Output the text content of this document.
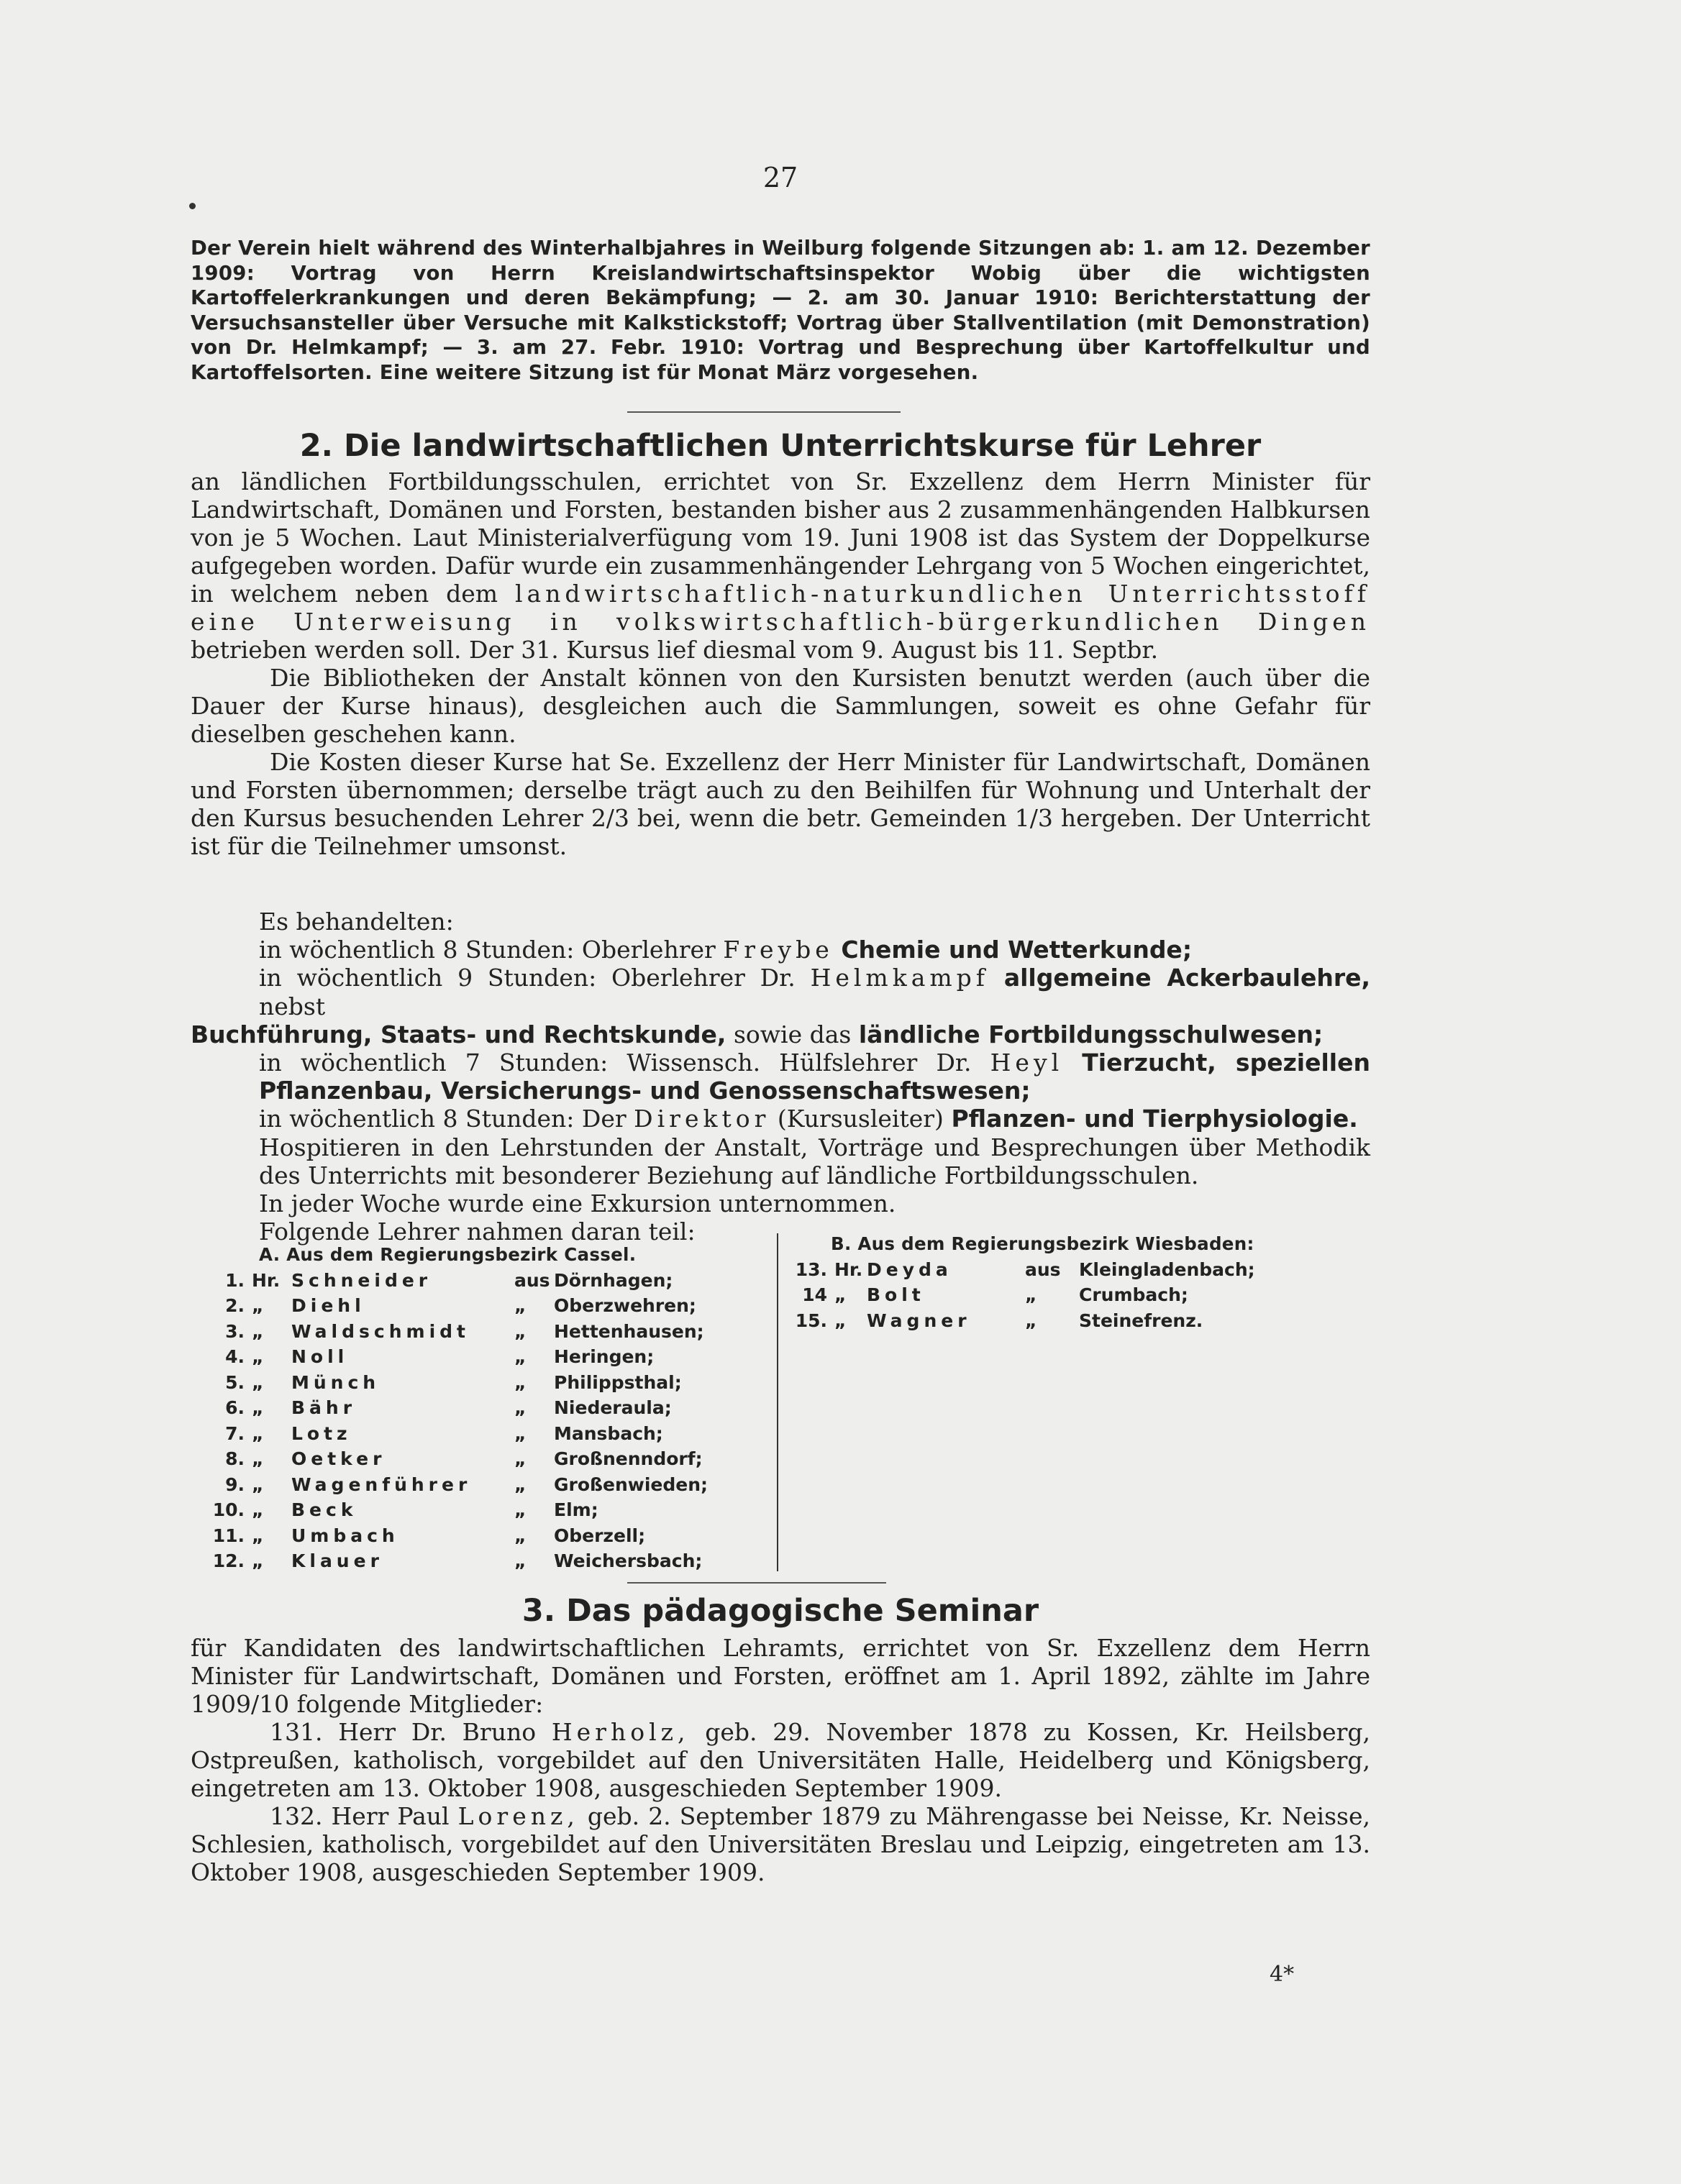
27
Der Verein hielt während des Winterhalbjahres in Weilburg folgende Sitzungen ab: 1. am 12. Dezember 1909: Vortrag von Herrn Kreislandwirtschaftsinspektor Wobig über die wichtigsten Kartoffelerkrankungen und deren Bekämpfung; — 2. am 30. Januar 1910: Berichterstattung der Versuchsansteller über Versuche mit Kalkstickstoff; Vortrag über Stallventilation (mit Demonstration) von Dr. Helmkampf; — 3. am 27. Febr. 1910: Vortrag und Besprechung über Kartoffelkultur und Kartoffelsorten. Eine weitere Sitzung ist für Monat März vorgesehen.
2. Die landwirtschaftlichen Unterrichtskurse für Lehrer

an ländlichen Fortbildungsschulen, errichtet von Sr. Exzellenz dem Herrn Minister für Landwirtschaft, Domänen und Forsten, bestanden bisher aus 2 zusammenhängenden Halbkursen von je 5 Wochen. Laut Ministerialverfügung vom 19. Juni 1908 ist das System der Doppelkurse aufgegeben worden. Dafür wurde ein zusammenhängender Lehrgang von 5 Wochen eingerichtet, in welchem neben dem landwirtschaftlich-naturkundlichen Unterrichtsstoff eine Unterweisung in volkswirtschaftlich-bürgerkundlichen Dingen betrieben werden soll. Der 31. Kursus lief diesmal vom 9. August bis 11. Septbr.

Die Bibliotheken der Anstalt können von den Kursisten benutzt werden (auch über die Dauer der Kurse hinaus), desgleichen auch die Sammlungen, soweit es ohne Gefahr für dieselben geschehen kann.

Die Kosten dieser Kurse hat Se. Exzellenz der Herr Minister für Landwirtschaft, Domänen und Forsten übernommen; derselbe trägt auch zu den Beihilfen für Wohnung und Unterhalt der den Kursus besuchenden Lehrer 2/3 bei, wenn die betr. Gemeinden 1/3 hergeben. Der Unterricht ist für die Teilnehmer umsonst.

Es behandelten:
in wöchentlich 8 Stunden: Oberlehrer Freybe Chemie und Wetterkunde;
in wöchentlich 9 Stunden: Oberlehrer Dr. Helmkampf allgemeine Ackerbaulehre, nebst
Buchführung, Staats- und Rechtskunde, sowie das ländliche Fortbildungsschulwesen;
in wöchentlich 7 Stunden: Wissensch. Hülfslehrer Dr. Heyl Tierzucht, speziellen Pflanzenbau, Versicherungs- und Genossenschaftswesen;
in wöchentlich 8 Stunden: Der Direktor (Kursusleiter) Pflanzen- und Tierphysiologie.
Hospitieren in den Lehrstunden der Anstalt, Vorträge und Besprechungen über Methodik des Unterrichts mit besonderer Beziehung auf ländliche Fortbildungsschulen.
In jeder Woche wurde eine Exkursion unternommen.
Folgende Lehrer nahmen daran teil:
A. Aus dem Regierungsbezirk Cassel.
1. Hr. Schneider	aus Dörnhagen;
2. „	Diehl	„	Oberzwehren;
3. „	Waldschmidt	„	Hettenhausen;
4. „	Noll	„	Heringen;
5. „	Münch	„	Philippsthal;
6. „	Bähr	„	Niederaula;
7. „	Lotz	„	Mansbach;
8. „	Oetker	„	Großnenndorf;
9. „	Wagenführer	„	Großenwieden;
10. „	Beck	„	Elm;
11. „	Umbach	„	Oberzell;
12. „	Klauer	„	Weichersbach;
B. Aus dem Regierungsbezirk Wiesbaden:
13. Hr. Deyda	aus	Kleingladenbach;
14 „	Bolt	„	Crumbach;
15. „	Wagner	„	Steinefrenz.
3. Das pädagogische Seminar

für Kandidaten des landwirtschaftlichen Lehramts, errichtet von Sr. Exzellenz dem Herrn Minister für Landwirtschaft, Domänen und Forsten, eröffnet am 1. April 1892, zählte im Jahre 1909/10 folgende Mitglieder:

131. Herr Dr. Bruno Herholz, geb. 29. November 1878 zu Kossen, Kr. Heilsberg, Ostpreußen, katholisch, vorgebildet auf den Universitäten Halle, Heidelberg und Königsberg, eingetreten am 13. Oktober 1908, ausgeschieden September 1909.

132. Herr Paul Lorenz, geb. 2. September 1879 zu Mährengasse bei Neisse, Kr. Neisse, Schlesien, katholisch, vorgebildet auf den Universitäten Breslau und Leipzig, eingetreten am 13. Oktober 1908, ausgeschieden September 1909.

4*
